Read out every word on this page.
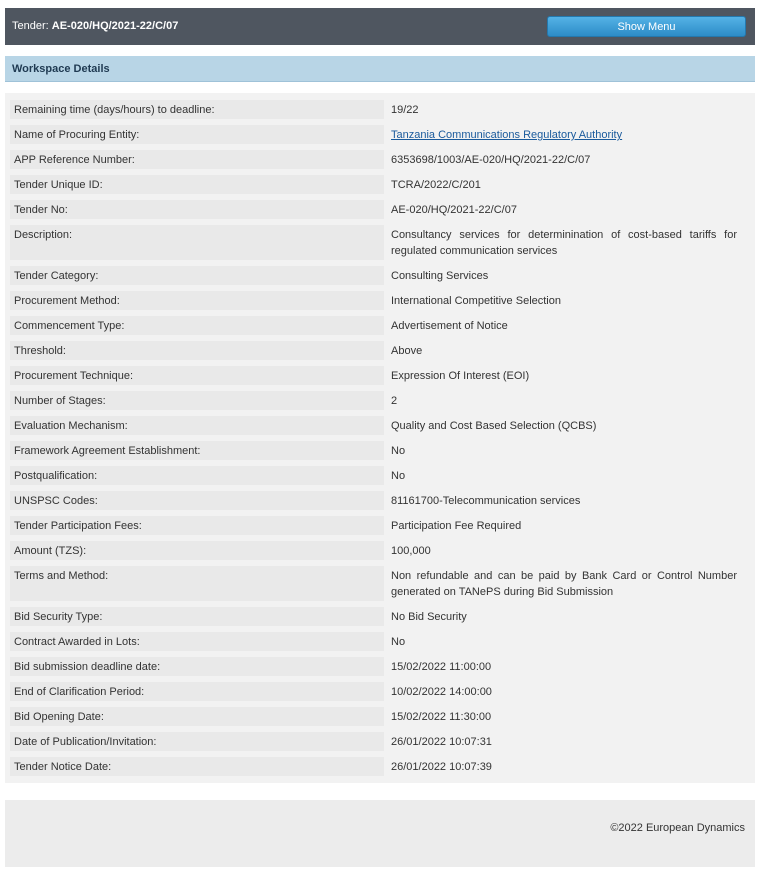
Tender: AE-020/HQ/2021-22/C/07	Show Menu
Workspace Details
Remaining time (days/hours) to deadline:	19/22
Name of Procuring Entity:	Tanzania Communications Regulatory Authority
APP Reference Number:	6353698/1003/AE-020/HQ/2021-22/C/07
Tender Unique ID:	TCRA/2022/C/201
Tender No:	AE-020/HQ/2021-22/C/07
Description:	Consultancy services for determinination of cost-based tariffs for regulated communication services
Tender Category:	Consulting Services
Procurement Method:	International Competitive Selection
Commencement Type:	Advertisement of Notice
Threshold:	Above
Procurement Technique:	Expression Of Interest (EOI)
Number of Stages:	2
Evaluation Mechanism:	Quality and Cost Based Selection (QCBS)
Framework Agreement Establishment:	No
Postqualification:	No
UNSPSC Codes:	81161700-Telecommunication services
Tender Participation Fees:	Participation Fee Required
Amount (TZS):	100,000
Terms and Method:	Non refundable and can be paid by Bank Card or Control Number generated on TANePS during Bid Submission
Bid Security Type:	No Bid Security
Contract Awarded in Lots:	No
Bid submission deadline date:	15/02/2022 11:00:00
End of Clarification Period:	10/02/2022 14:00:00
Bid Opening Date:	15/02/2022 11:30:00
Date of Publication/Invitation:	26/01/2022 10:07:31
Tender Notice Date:	26/01/2022 10:07:39
©2022 European Dynamics
